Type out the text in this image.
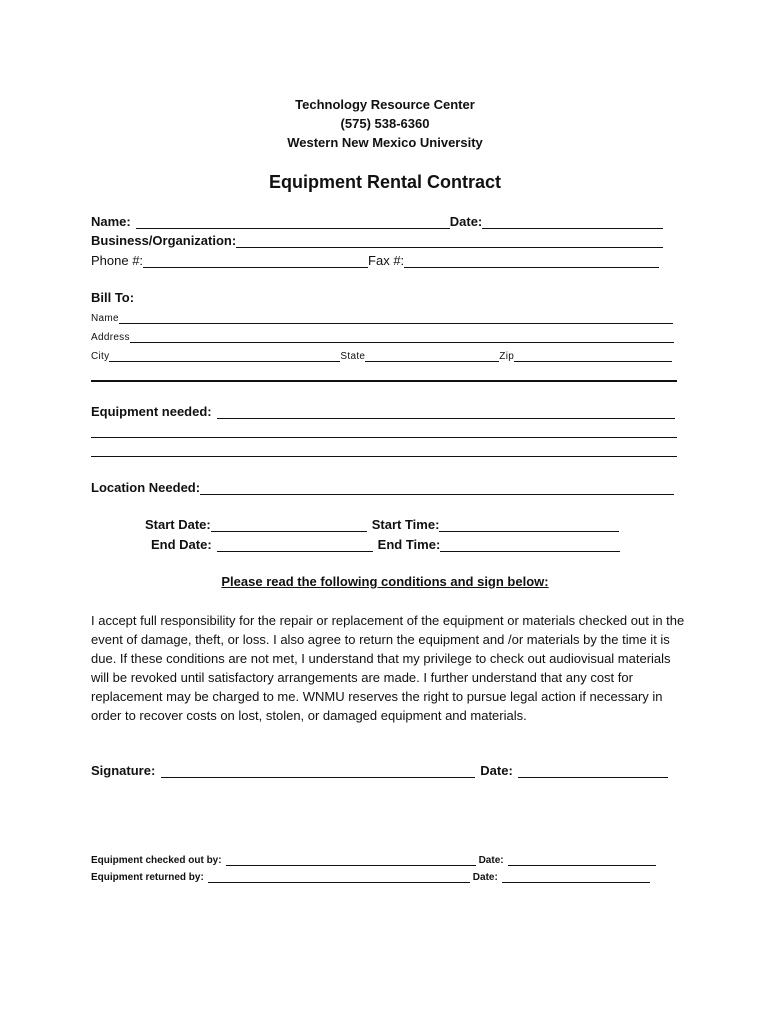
Technology Resource Center
(575) 538-6360
Western New Mexico University
Equipment Rental Contract
Name:	Date:
Business/Organization:
Phone #:	Fax #:
Bill To:
Name
Address
City	State	Zip
Equipment needed:
Location Needed:
Start Date:	Start Time:
End Date:	End Time:
Please read the following conditions and sign below:

I accept full responsibility for the repair or replacement of the equipment or materials checked out in the event of damage, theft, or loss. I also agree to return the equipment and /or materials by the time it is due. If these conditions are not met, I understand that my privilege to check out audiovisual materials will be revoked until satisfactory arrangements are made. I further understand that any cost for replacement may be charged to me. WNMU reserves the right to pursue legal action if necessary in order to recover costs on lost, stolen, or damaged equipment and materials.

Signature:	Date:
Equipment checked out by:	Date:
Equipment returned by:	Date:
